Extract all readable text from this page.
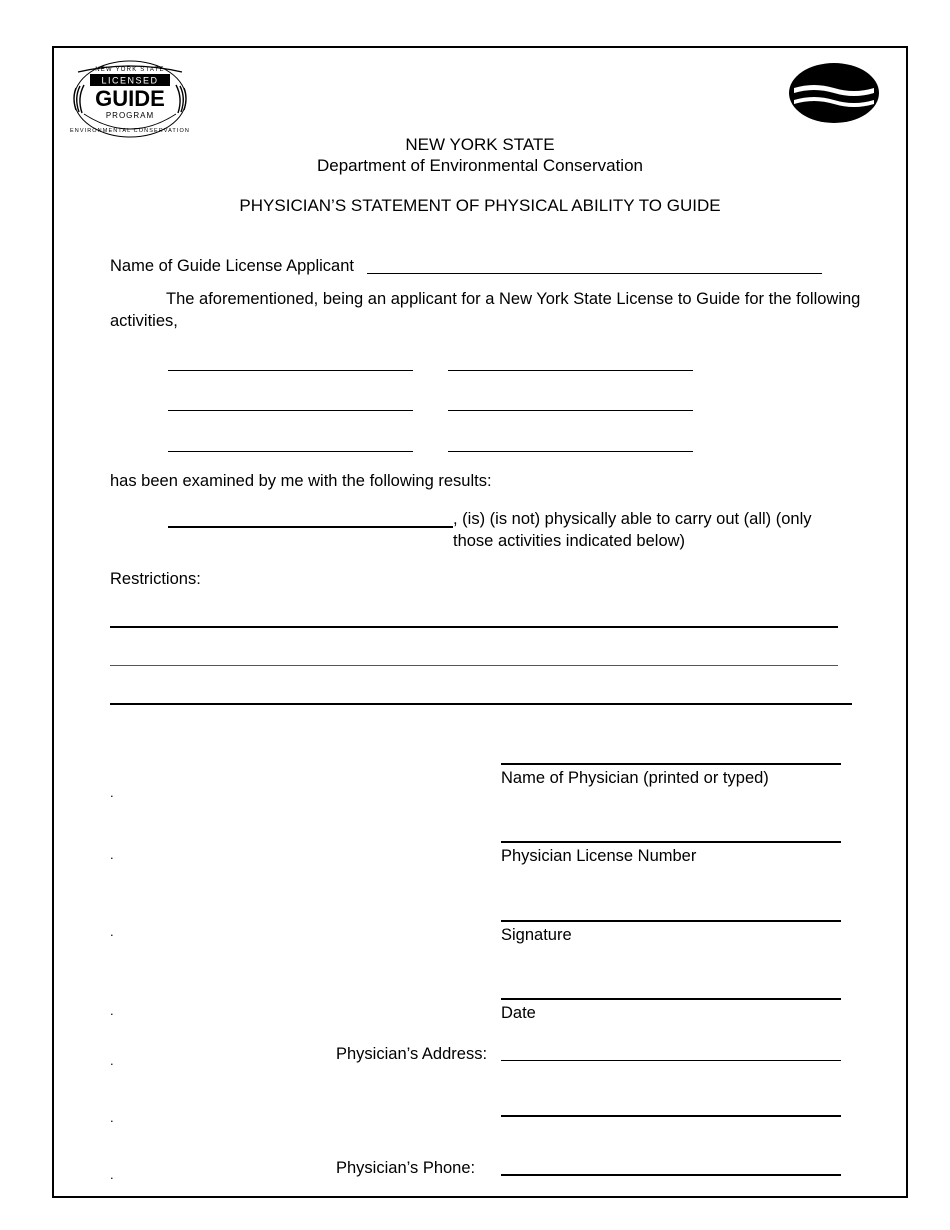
NEW YORK STATE
LICENSED
GUIDE
PROGRAM
ENVIRONMENTAL CONSERVATION
NEW YORK STATE
Department of Environmental Conservation
PHYSICIAN’S STATEMENT OF PHYSICAL ABILITY TO GUIDE
Name of Guide License Applicant
The aforementioned, being an applicant for a New York State License to Guide for the following activities,
has been examined by me with the following results:
, (is) (is not) physically able to carry out (all) (only those activities indicated below)
Restrictions:
.
Name of Physician (printed or typed)
.	Physician License Number
.	Signature
.	Date
.	Physician’s Address:
.
.	Physician’s Phone:
